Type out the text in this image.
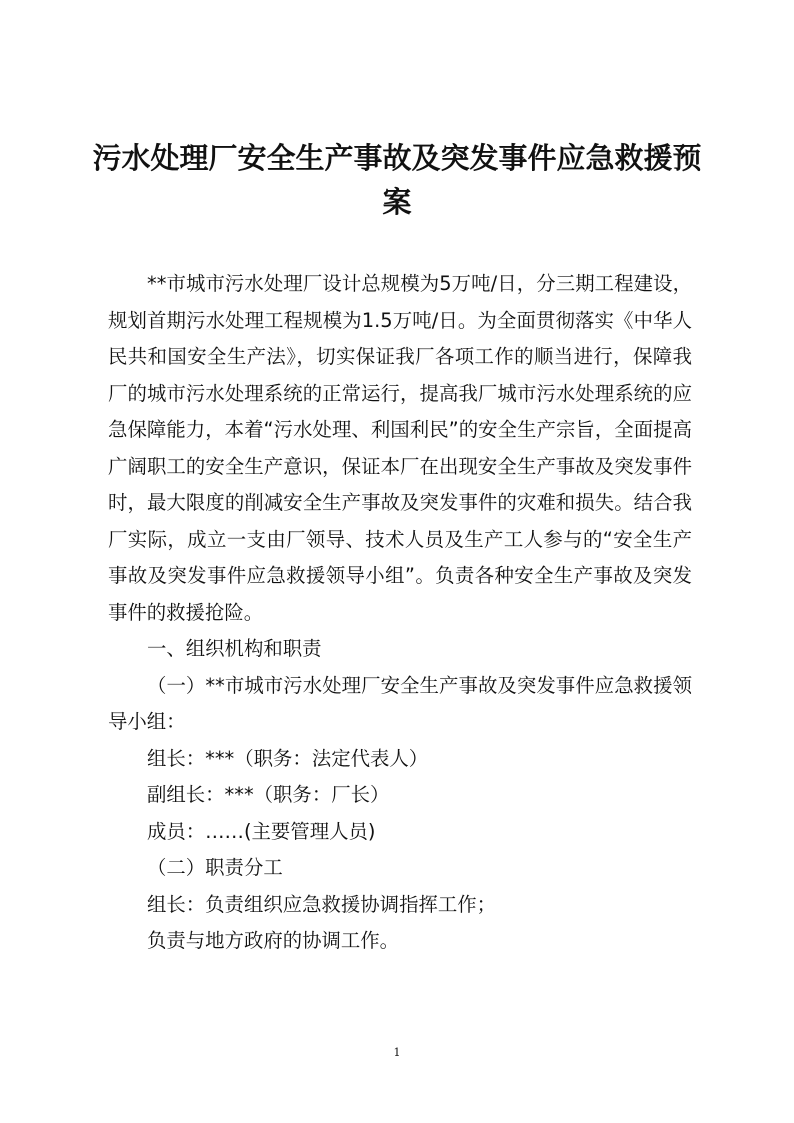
污水处理厂安全生产事故及突发事件应急救援预案

**市城市污水处理厂设计总规模为5万吨/日，分三期工程建设，规划首期污水处理工程规模为1.5万吨/日。为全面贯彻落实《中华人民共和国安全生产法》，切实保证我厂各项工作的顺当进行，保障我厂的城市污水处理系统的正常运行，提高我厂城市污水处理系统的应急保障能力，本着“污水处理、利国利民”的安全生产宗旨，全面提高广阔职工的安全生产意识，保证本厂在出现安全生产事故及突发事件时，最大限度的削减安全生产事故及突发事件的灾难和损失。结合我厂实际，成立一支由厂领导、技术人员及生产工人参与的“安全生产事故及突发事件应急救援领导小组”。负责各种安全生产事故及突发事件的救援抢险。

一、组织机构和职责

（一）**市城市污水处理厂安全生产事故及突发事件应急救援领导小组：

组长：***（职务：法定代表人）

副组长：***（职务：厂长）

成员：……(主要管理人员)

（二）职责分工

组长：负责组织应急救援协调指挥工作；

负责与地方政府的协调工作。

1
